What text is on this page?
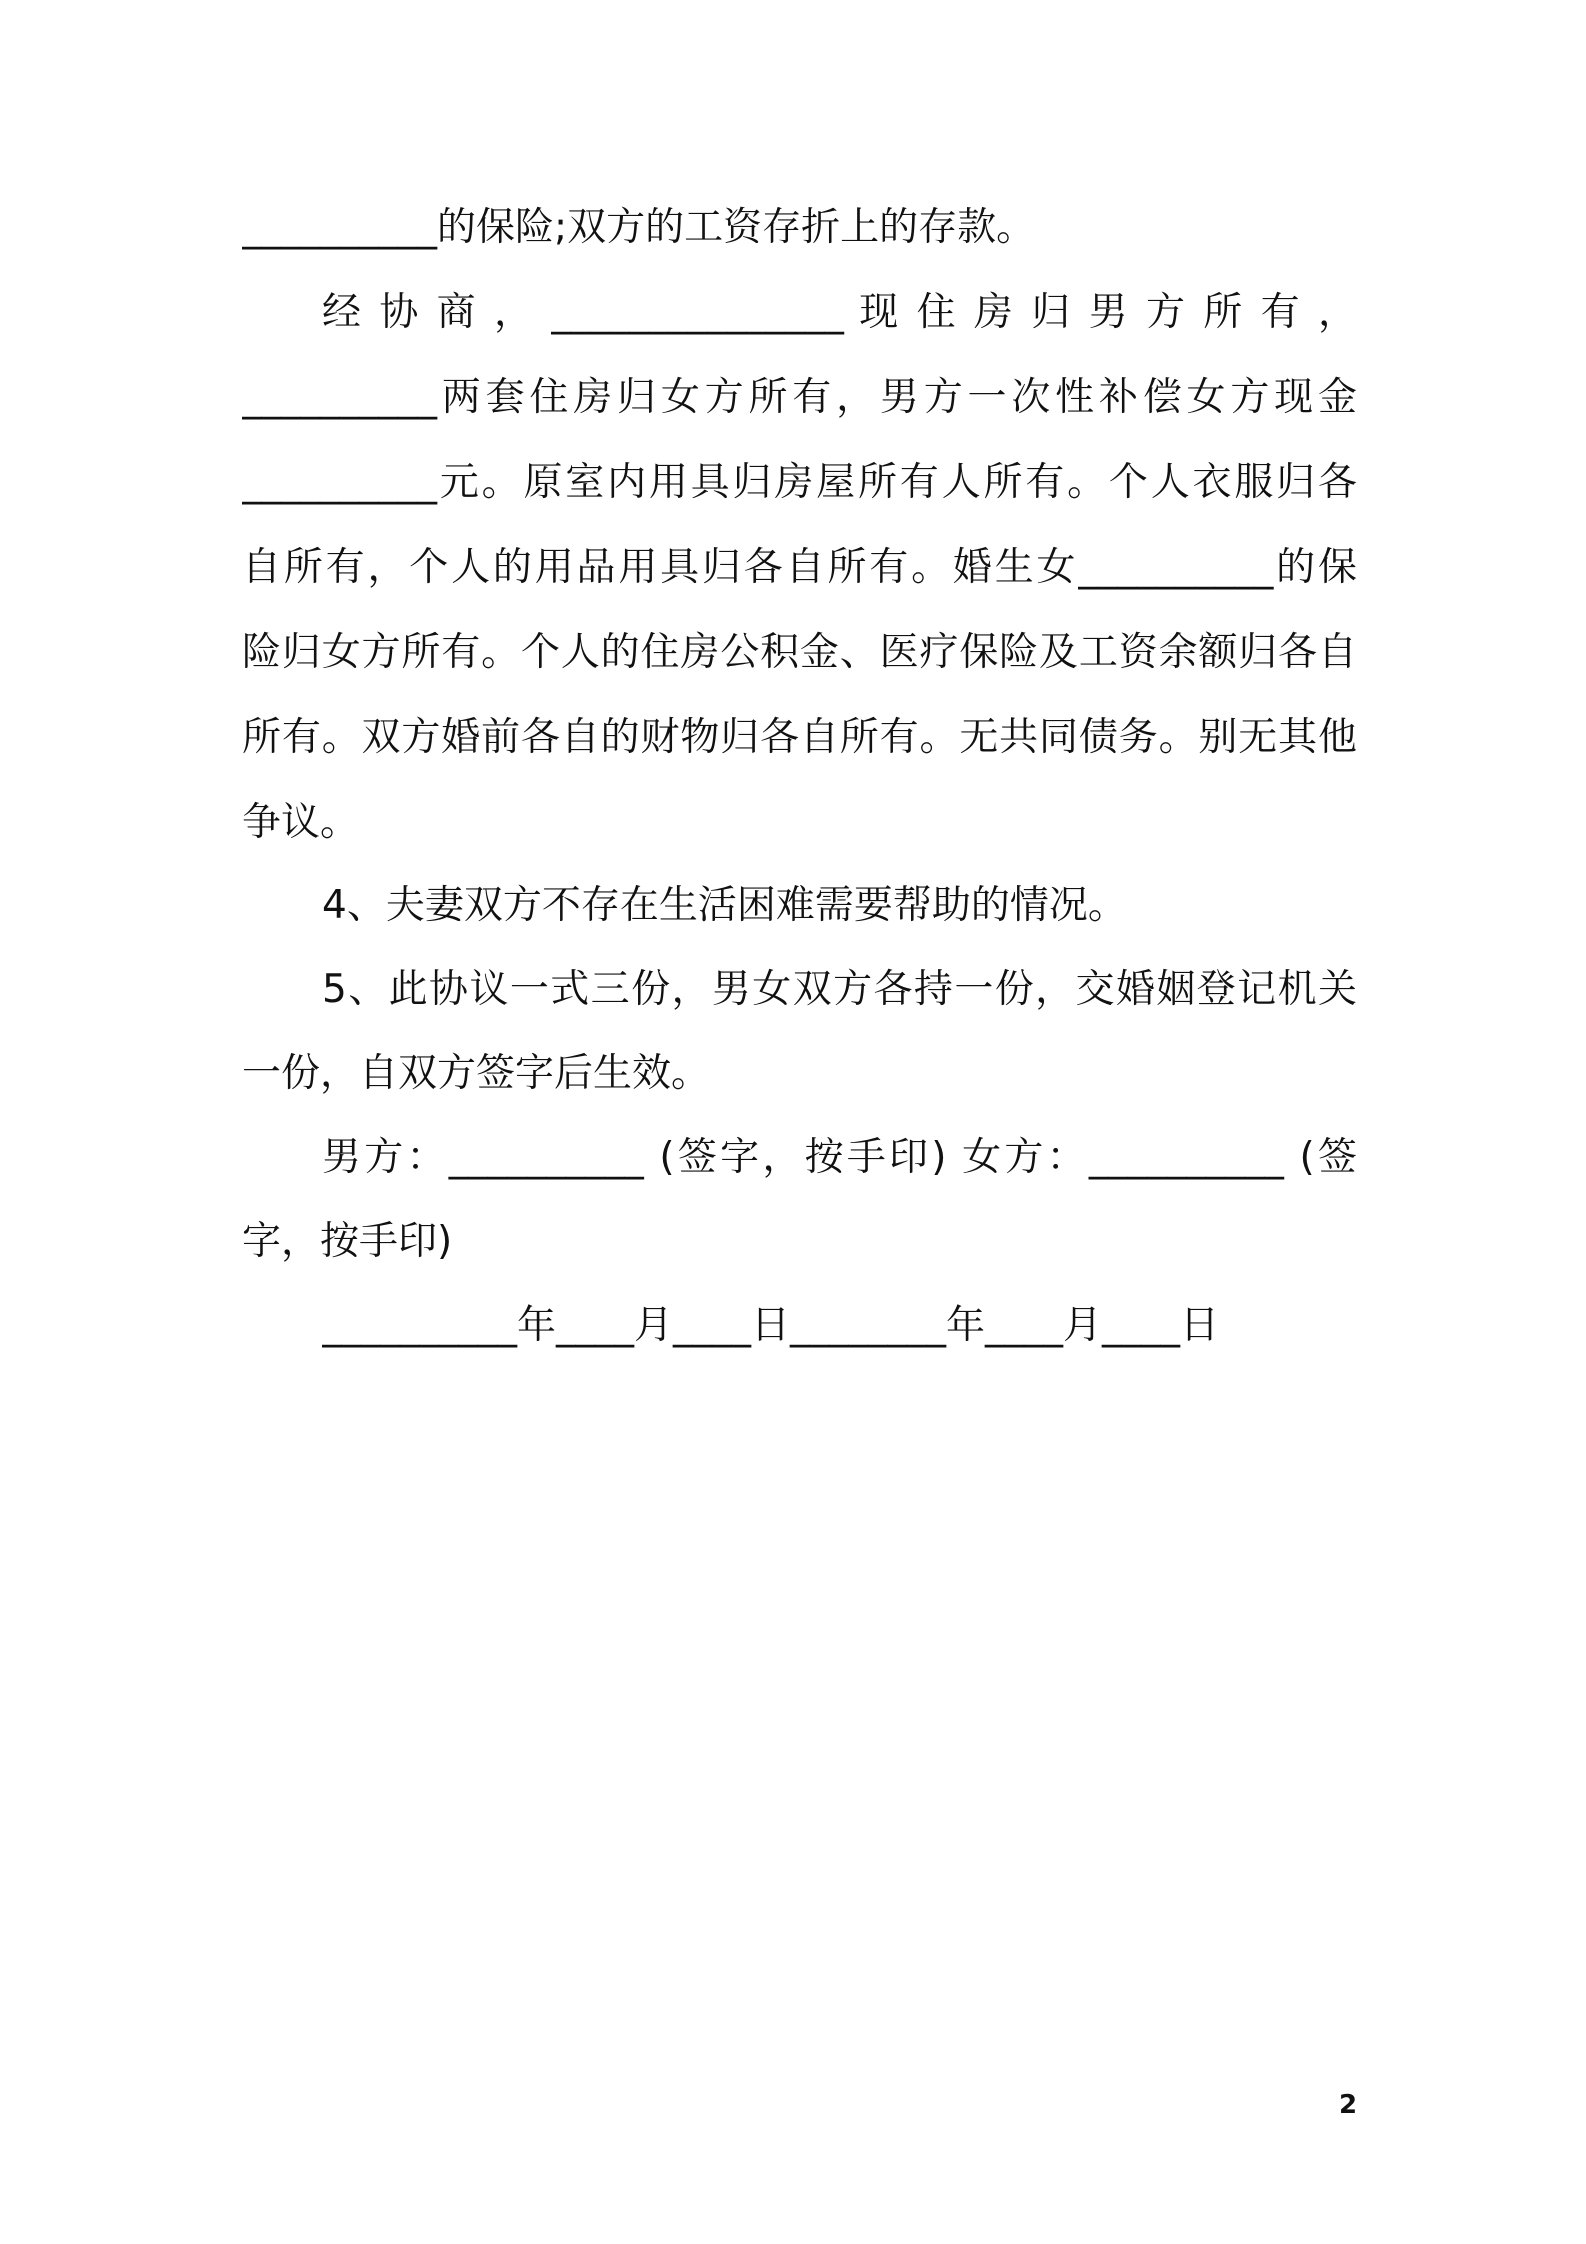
__________的保险;双方的工资存折上的存款。
经 协 商 ， _______________ 现 住 房 归 男 方 所 有 ，
__________两套住房归女方所有，男方一次性补偿女方现金
__________元。原室内用具归房屋所有人所有。个人衣服归各
自所有，个人的用品用具归各自所有。婚生女__________的保
险归女方所有。个人的住房公积金、医疗保险及工资余额归各自
所有。双方婚前各自的财物归各自所有。无共同债务。别无其他
争议。
4、夫妻双方不存在生活困难需要帮助的情况。
5、此协议一式三份，男女双方各持一份，交婚姻登记机关
一份，自双方签字后生效。
男方：__________ (签字，按手印) 女方：__________ (签
字，按手印)
__________年____月____日________年____月____日
2
